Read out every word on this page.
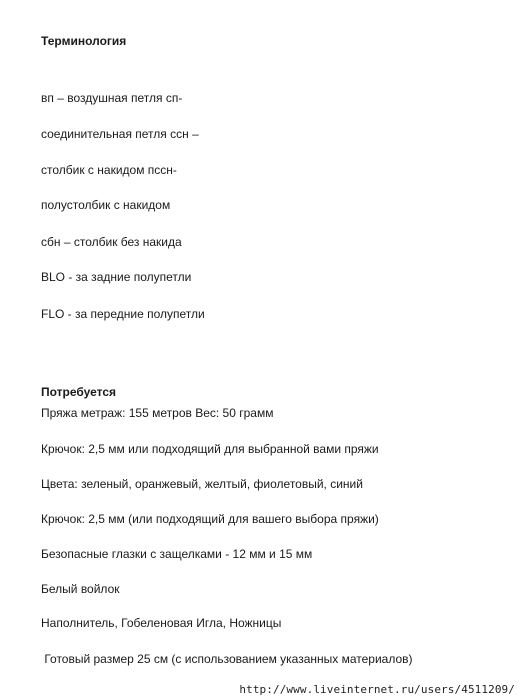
Терминология
вп – воздушная петля сп-
соединительная петля ссн –
столбик с накидом пссн-
полустолбик с накидом
сбн – столбик без накида
BLO - за задние полупетли
FLO - за передние полупетли
Потребуется
Пряжа метраж: 155 метров Вес: 50 грамм
Крючок: 2,5 мм или подходящий для выбранной вами пряжи
Цвета: зеленый, оранжевый, желтый, фиолетовый, синий
Крючок: 2,5 мм (или подходящий для вашего выбора пряжи)
Безопасные глазки с защелками - 12 мм и 15 мм
Белый войлок
Наполнитель, Гобеленовая Игла, Ножницы
Готовый размер 25 см (с использованием указанных материалов)
http://www.liveinternet.ru/users/4511209/
